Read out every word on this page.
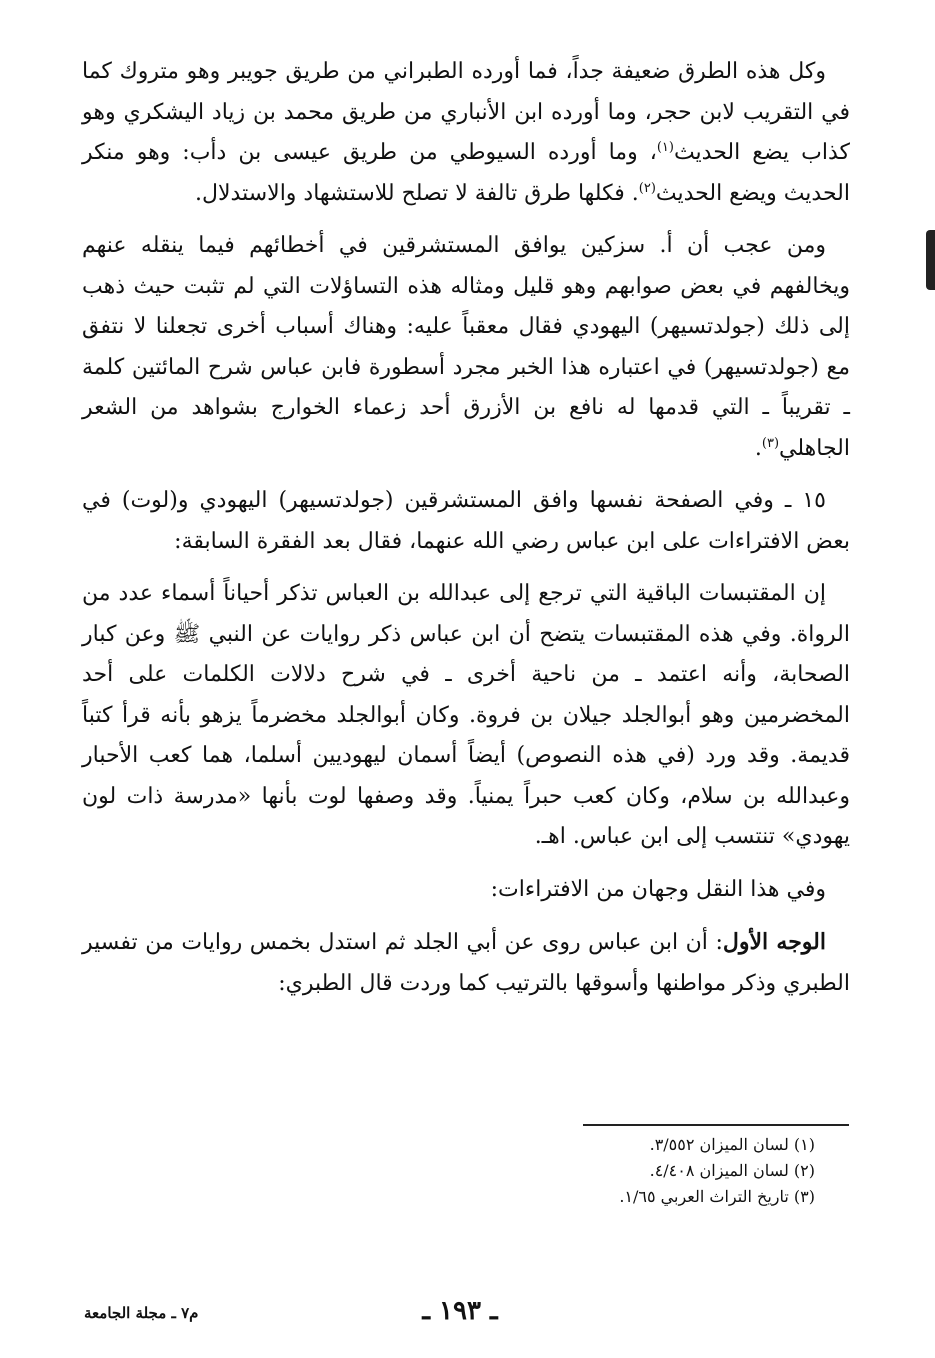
وكل هذه الطرق ضعيفة جداً، فما أورده الطبراني من طريق جويبر وهو متروك كما في التقريب لابن حجر، وما أورده ابن الأنباري من طريق محمد بن زياد اليشكري وهو كذاب يضع الحديث$^{(١)}$، وما أورده السيوطي من طريق عيسى بن دأب: وهو منكر الحديث ويضع الحديث$^{(٢)}$. فكلها طرق تالفة لا تصلح للاستشهاد والاستدلال.

ومن عجب أن أ. سزكين يوافق المستشرقين في أخطائهم فيما ينقله عنهم ويخالفهم في بعض صوابهم وهو قليل ومثاله هذه التساؤلات التي لم تثبت حيث ذهب إلى ذلك (جولدتسيهر) اليهودي فقال معقباً عليه: وهناك أسباب أخرى تجعلنا لا نتفق مع (جولدتسيهر) في اعتباره هذا الخبر مجرد أسطورة فابن عباس شرح المائتين كلمة ـ تقريباً ـ التي قدمها له نافع بن الأزرق أحد زعماء الخوارج بشواهد من الشعر الجاهلي$^{(٣)}$.

١٥ ـ وفي الصفحة نفسها وافق المستشرقين (جولدتسيهر) اليهودي و(لوت) في بعض الافتراءات على ابن عباس رضي الله عنهما، فقال بعد الفقرة السابقة:

إن المقتبسات الباقية التي ترجع إلى عبدالله بن العباس تذكر أحياناً أسماء عدد من الرواة. وفي هذه المقتبسات يتضح أن ابن عباس ذكر روايات عن النبي ﷺ وعن كبار الصحابة، وأنه اعتمد ـ من ناحية أخرى ـ في شرح دلالات الكلمات على أحد المخضرمين وهو أبوالجلد جيلان بن فروة. وكان أبوالجلد مخضرماً يزهو بأنه قرأ كتباً قديمة. وقد ورد (في هذه النصوص) أيضاً أسمان ليهوديين أسلما، هما كعب الأحبار وعبدالله بن سلام، وكان كعب حبراً يمنياً. وقد وصفها لوت بأنها «مدرسة ذات لون يهودي» تنتسب إلى ابن عباس. اهـ.

وفي هذا النقل وجهان من الافتراءات:

الوجه الأول: أن ابن عباس روى عن أبي الجلد ثم استدل بخمس روايات من تفسير الطبري وذكر مواطنها وأسوقها بالترتيب كما وردت قال الطبري:

(١) لسان الميزان ٣/٥٥٢.
(٢) لسان الميزان ٤/٤٠٨.
(٣) تاريخ التراث العربي ١/٦٥.
ـ ١٩٣ ـ
م٧ ـ مجلة الجامعة
